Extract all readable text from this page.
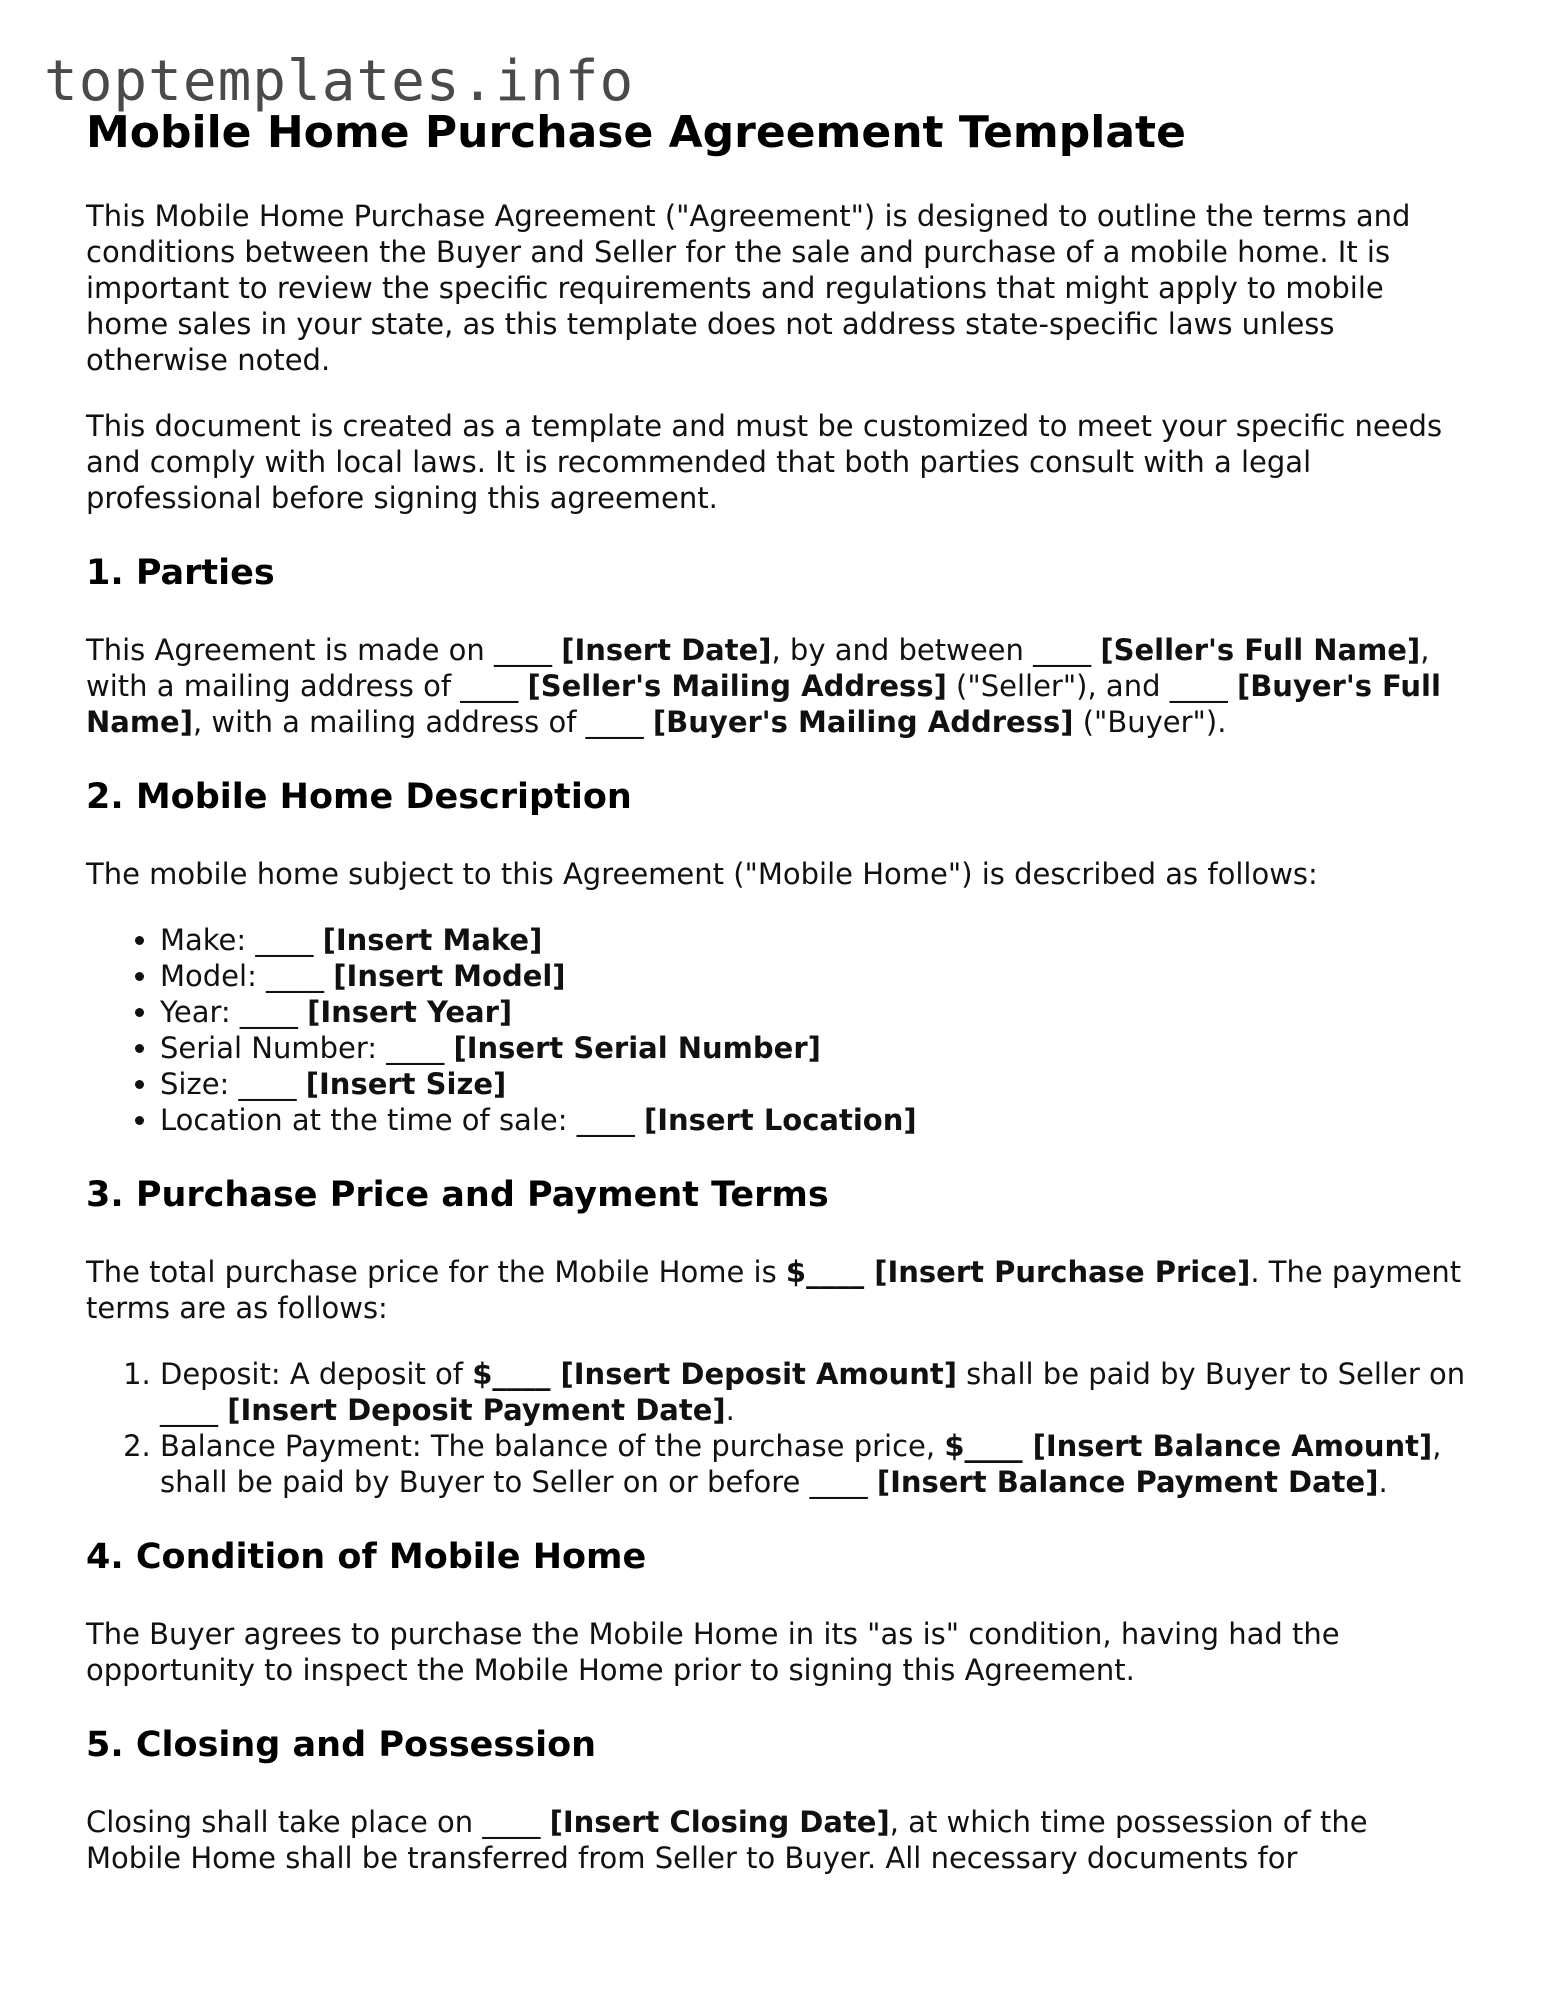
toptemplates.info
Mobile Home Purchase Agreement Template

This Mobile Home Purchase Agreement ("Agreement") is designed to outline the terms and conditions between the Buyer and Seller for the sale and purchase of a mobile home. It is important to review the specific requirements and regulations that might apply to mobile home sales in your state, as this template does not address state-specific laws unless otherwise noted.

This document is created as a template and must be customized to meet your specific needs and comply with local laws. It is recommended that both parties consult with a legal professional before signing this agreement.

1. Parties

This Agreement is made on ____ [Insert Date], by and between ____ [Seller's Full Name], with a mailing address of ____ [Seller's Mailing Address] ("Seller"), and ____ [Buyer's Full Name], with a mailing address of ____ [Buyer's Mailing Address] ("Buyer").

2. Mobile Home Description

The mobile home subject to this Agreement ("Mobile Home") is described as follows:

• Make: ____ [Insert Make]
• Model: ____ [Insert Model]
• Year: ____ [Insert Year]
• Serial Number: ____ [Insert Serial Number]
• Size: ____ [Insert Size]
• Location at the time of sale: ____ [Insert Location]
3. Purchase Price and Payment Terms

The total purchase price for the Mobile Home is $____ [Insert Purchase Price]. The payment terms are as follows:

1. Deposit: A deposit of $____ [Insert Deposit Amount] shall be paid by Buyer to Seller on ____ [Insert Deposit Payment Date].
2. Balance Payment: The balance of the purchase price, $____ [Insert Balance Amount], shall be paid by Buyer to Seller on or before ____ [Insert Balance Payment Date].
4. Condition of Mobile Home

The Buyer agrees to purchase the Mobile Home in its "as is" condition, having had the opportunity to inspect the Mobile Home prior to signing this Agreement.

5. Closing and Possession

Closing shall take place on ____ [Insert Closing Date], at which time possession of the Mobile Home shall be transferred from Seller to Buyer. All necessary documents for
